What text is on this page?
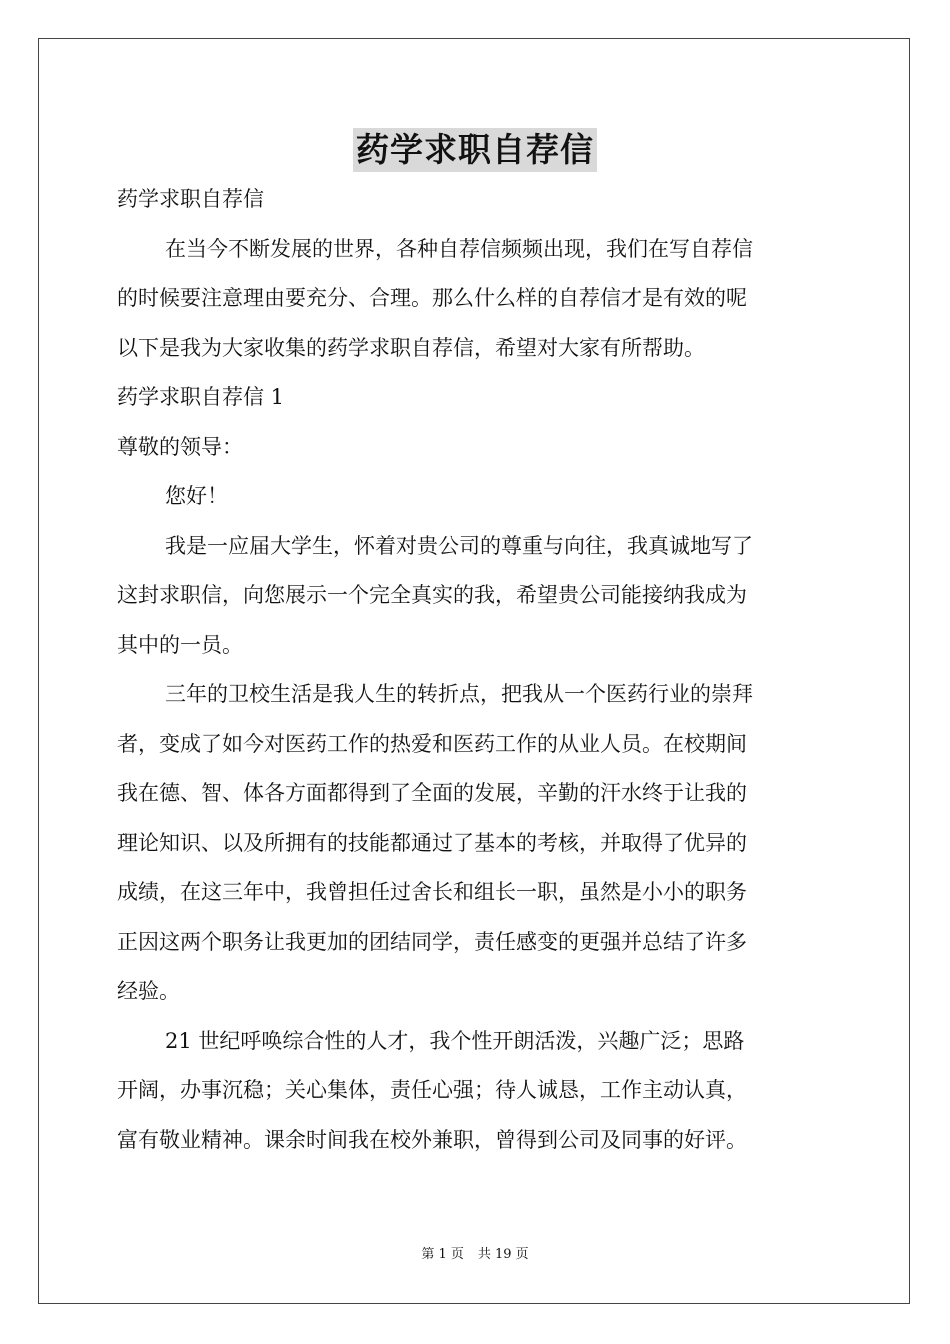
药学求职自荐信
药学求职自荐信
在当今不断发展的世界，各种自荐信频频出现，我们在写自荐信
的时候要注意理由要充分、合理。那么什么样的自荐信才是有效的呢
以下是我为大家收集的药学求职自荐信，希望对大家有所帮助。
药学求职自荐信 1
尊敬的领导：
您好！
我是一应届大学生，怀着对贵公司的尊重与向往，我真诚地写了
这封求职信，向您展示一个完全真实的我，希望贵公司能接纳我成为
其中的一员。
三年的卫校生活是我人生的转折点，把我从一个医药行业的崇拜
者，变成了如今对医药工作的热爱和医药工作的从业人员。在校期间
我在德、智、体各方面都得到了全面的发展，辛勤的汗水终于让我的
理论知识、以及所拥有的技能都通过了基本的考核，并取得了优异的
成绩，在这三年中，我曾担任过舍长和组长一职，虽然是小小的职务
正因这两个职务让我更加的团结同学，责任感变的更强并总结了许多
经验。
21 世纪呼唤综合性的人才，我个性开朗活泼，兴趣广泛；思路
开阔，办事沉稳；关心集体，责任心强；待人诚恳，工作主动认真，
富有敬业精神。课余时间我在校外兼职，曾得到公司及同事的好评。
第 1 页 共 19 页
